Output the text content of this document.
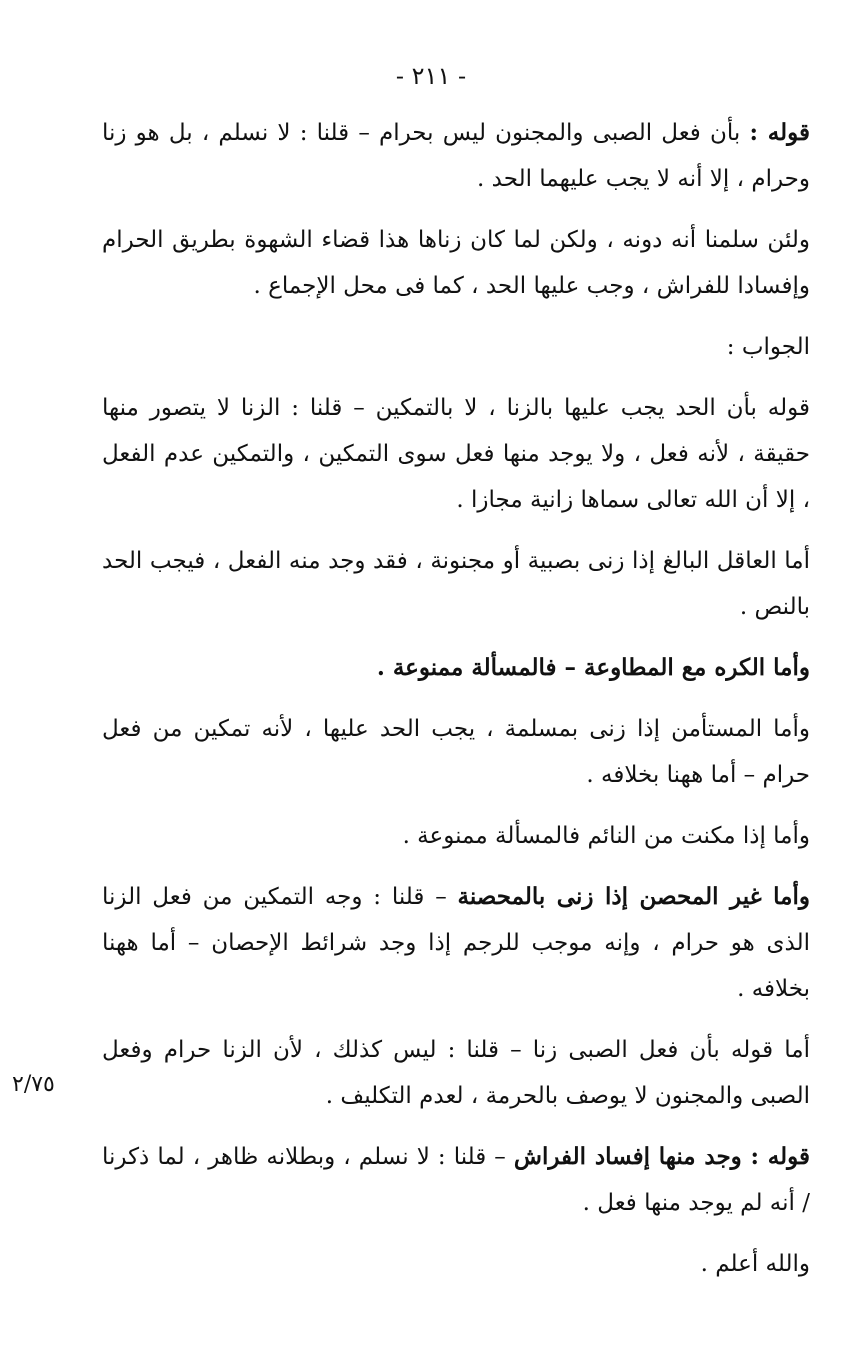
- ٢١١ -
٢/٧٥

قوله : بأن فعل الصبى والمجنون ليس بحرام – قلنا : لا نسلم ، بل هو زنا وحرام ، إلا أنه لا يجب عليهما الحد .

ولئن سلمنا أنه دونه ، ولكن لما كان زناها هذا قضاء الشهوة بطريق الحرام وإفسادا للفراش ، وجب عليها الحد ، كما فى محل الإجماع .

الجواب :

قوله بأن الحد يجب عليها بالزنا ، لا بالتمكين – قلنا : الزنا لا يتصور منها حقيقة ، لأنه فعل ، ولا يوجد منها فعل سوى التمكين ، والتمكين عدم الفعل ، إلا أن الله تعالى سماها زانية مجازا .

أما العاقل البالغ إذا زنى بصبية أو مجنونة ، فقد وجد منه الفعل ، فيجب الحد بالنص .

وأما الكره مع المطاوعة – فالمسألة ممنوعة .

وأما المستأمن إذا زنى بمسلمة ، يجب الحد عليها ، لأنه تمكين من فعل حرام – أما ههنا بخلافه .

وأما إذا مكنت من النائم فالمسألة ممنوعة .

وأما غير المحصن إذا زنى بالمحصنة – قلنا : وجه التمكين من فعل الزنا الذى هو حرام ، وإنه موجب للرجم إذا وجد شرائط الإحصان – أما ههنا بخلافه .

أما قوله بأن فعل الصبى زنا – قلنا : ليس كذلك ، لأن الزنا حرام وفعل الصبى والمجنون لا يوصف بالحرمة ، لعدم التكليف .

قوله : وجد منها إفساد الفراش – قلنا : لا نسلم ، وبطلانه ظاهر ، لما ذكرنا / أنه لم يوجد منها فعل .

والله أعلم .
